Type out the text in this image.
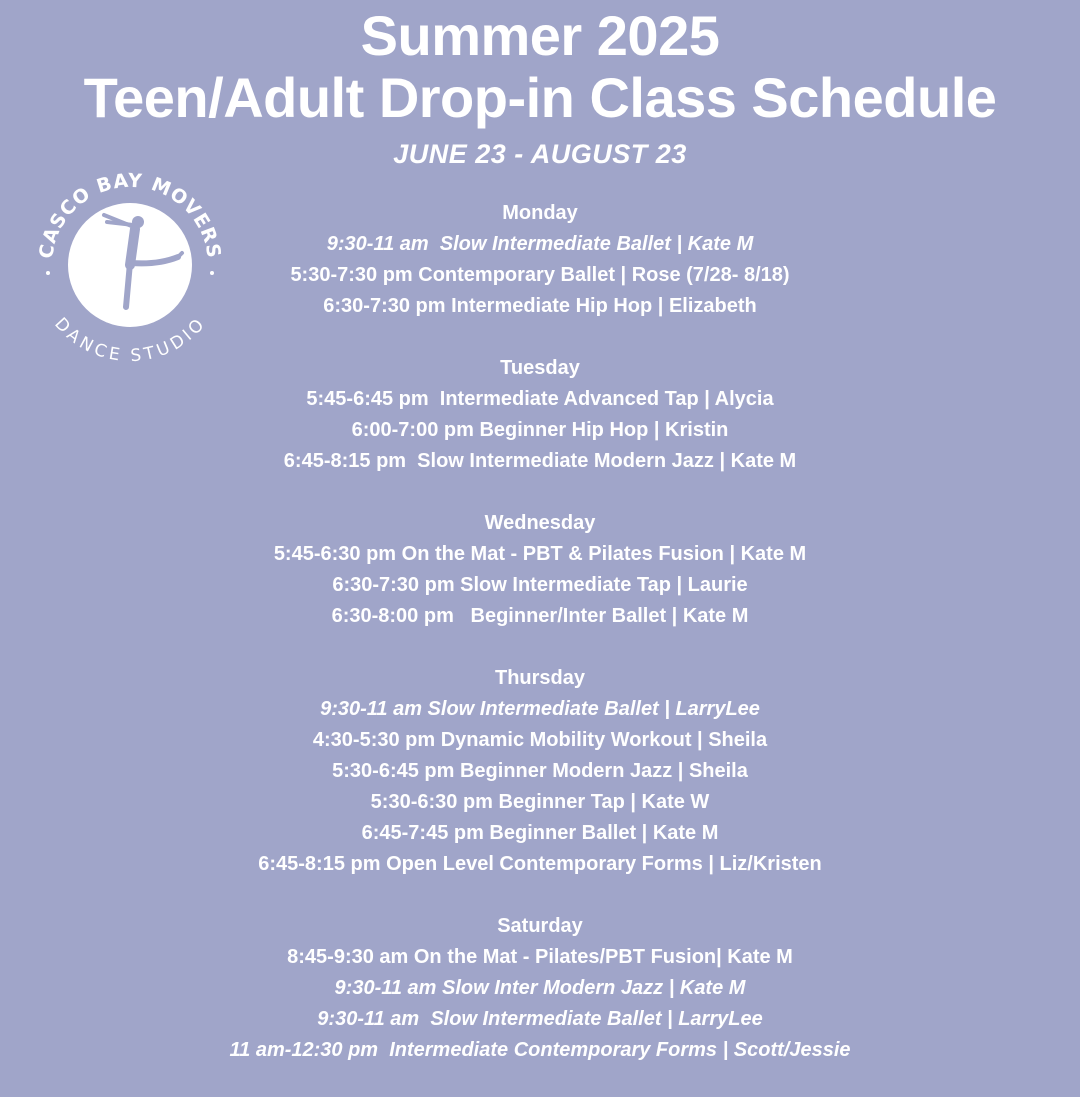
Summer 2025
Teen/Adult Drop-in Class Schedule
JUNE 23 - AUGUST 23
CASCO BAY MOVERS
DANCE STUDIO
Monday
9:30-11 am  Slow Intermediate Ballet | Kate M
5:30-7:30 pm Contemporary Ballet | Rose (7/28- 8/18)
6:30-7:30 pm Intermediate Hip Hop | Elizabeth
Tuesday
5:45-6:45 pm  Intermediate Advanced Tap | Alycia
6:00-7:00 pm Beginner Hip Hop | Kristin
6:45-8:15 pm  Slow Intermediate Modern Jazz | Kate M
Wednesday
5:45-6:30 pm On the Mat - PBT & Pilates Fusion | Kate M
6:30-7:30 pm Slow Intermediate Tap | Laurie
6:30-8:00 pm   Beginner/Inter Ballet | Kate M
Thursday
9:30-11 am Slow Intermediate Ballet | LarryLee
4:30-5:30 pm Dynamic Mobility Workout | Sheila
5:30-6:45 pm Beginner Modern Jazz | Sheila
5:30-6:30 pm Beginner Tap | Kate W
6:45-7:45 pm Beginner Ballet | Kate M
6:45-8:15 pm Open Level Contemporary Forms | Liz/Kristen
Saturday
8:45-9:30 am On the Mat - Pilates/PBT Fusion| Kate M
9:30-11 am Slow Inter Modern Jazz | Kate M
9:30-11 am  Slow Intermediate Ballet | LarryLee
11 am-12:30 pm  Intermediate Contemporary Forms | Scott/Jessie
